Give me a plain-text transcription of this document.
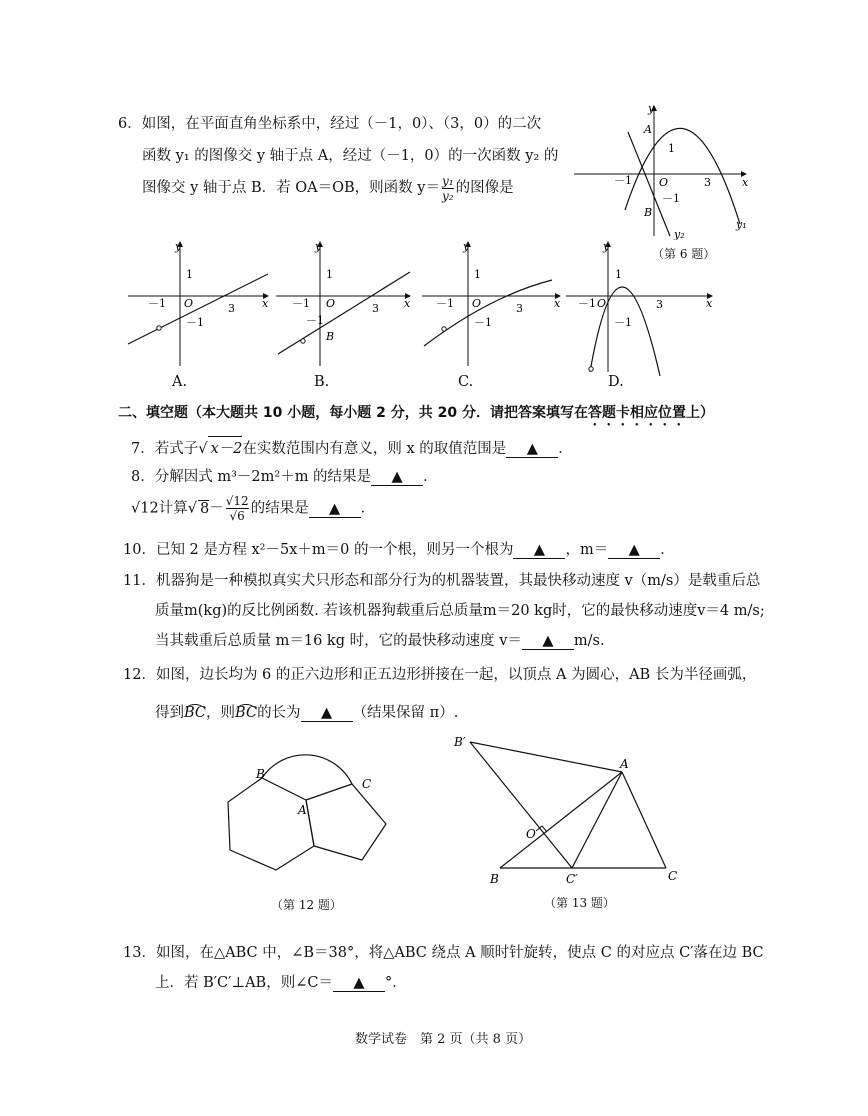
6．如图，在平面直角坐标系中，经过（－1，0）、（3，0）的二次
函数 y₁ 的图像交 y 轴于点 A，经过（－1，0）的一次函数 y₂ 的
图像交 y 轴于点 B．若 OA＝OB，则函数 $y= \frac{\text{y₁}}{\text{y₂}}$ 的图像是
y
x
A
B
O
1
－1
－1	3
y₁
y₂
（第 6 题）
y
x
1
－1 O	3
－1
y
x
1
－1 O	3
－1
B
y
x
1
－1 O	3
－1
y
x
1
－1 O	3
－1
A.	B.	C.	D.
二、填空题（本大题共 10 小题，每小题 2 分，共 20 分．请把答案填写在答题卡相应位置上）
7．若式子√ x－2在实数范围内有意义，则 x 的取值范围是 ▲ ．
8．分解因式 m³－2m²＋m 的结果是 ▲ ．
√12计算√ $8- \frac{√12}{√6}$ 的结果是 ▲ ．
10．已知 2 是方程 x²－5x＋m＝0 的一个根，则另一个根为 ▲ ，m＝ ▲ ．
11．机器狗是一种模拟真实犬只形态和部分行为的机器装置，其最快移动速度 v（m/s）是载重后总
质量m(kg)的反比例函数. 若该机器狗载重后总质量m＝20 kg时，它的最快移动速度v＝4 m/s;
当其载重后总质量 m＝16 kg 时，它的最快移动速度 v＝ ▲ m/s.
12．如图，边长均为 6 的正六边形和正五边形拼接在一起，以顶点 A 为圆心，AB 长为半径画弧，
得到BC，则BC的长为 ▲ （结果保留 π）.
B
A
C
（第 12 题）
B′
A
O
B	C′	C
（第 13 题）
13．如图，在△ABC 中，∠B＝38°，将△ABC 绕点 A 顺时针旋转，使点 C 的对应点 C′落在边 BC
上．若 B′C′⊥AB，则∠C＝ ▲ °．
数学试卷　第 2 页（共 8 页）
